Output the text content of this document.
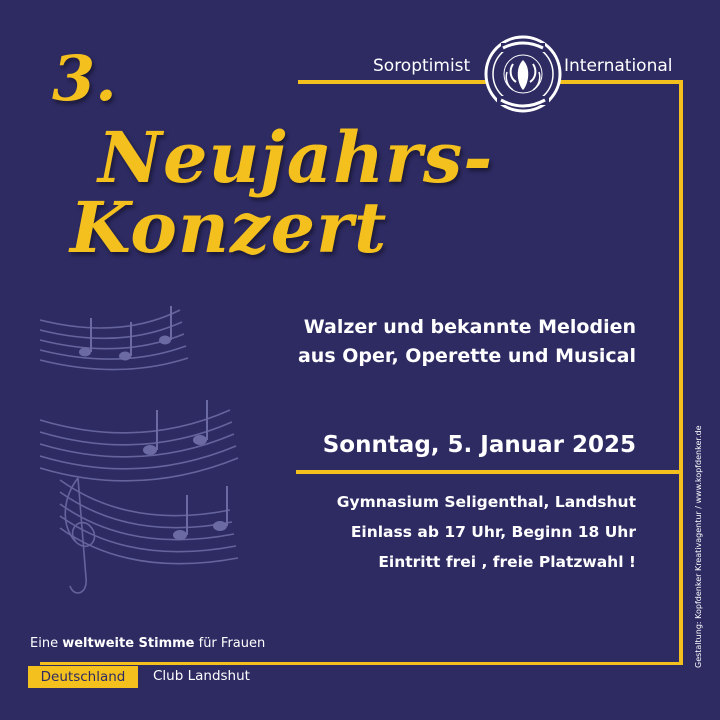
Soroptimist	International
3.
Neujahrs-
Konzert
Walzer und bekannte Melodien
aus Oper, Operette und Musical
Sonntag, 5. Januar 2025
Gymnasium Seligenthal, Landshut
Einlass ab 17 Uhr, Beginn 18 Uhr
Eintritt frei , freie Platzwahl !	Gestaltung: Kopfdenker Kreativagentur / www.kopfdenker.de
Eine weltweite Stimme für Frauen
Deutschland	Club Landshut
